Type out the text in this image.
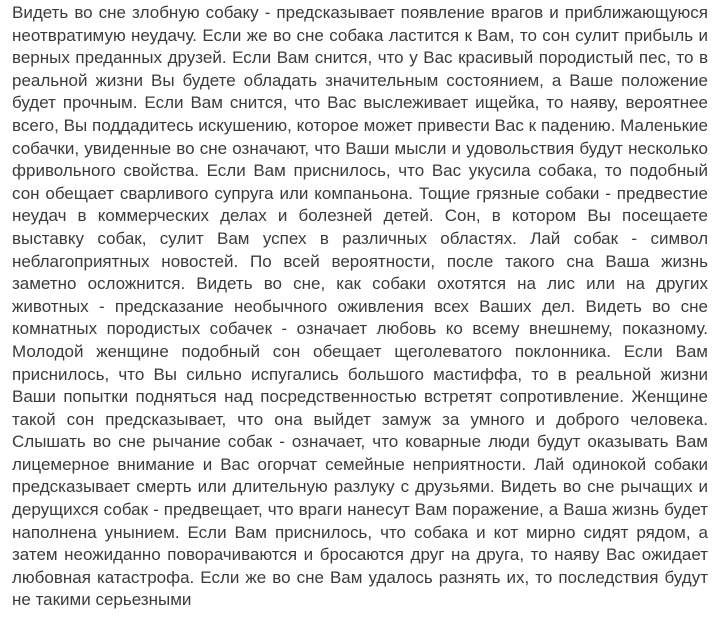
Видеть во сне злобную собаку - предсказывает появление врагов и приближающуюся неотвратимую неудачу. Если же во сне собака ластится к Вам, то сон сулит прибыль и верных преданных друзей. Если Вам снится, что у Вас красивый породистый пес, то в реальной жизни Вы будете обладать значительным состоянием, а Ваше положение будет прочным. Если Вам снится, что Вас выслеживает ищейка, то наяву, вероятнее всего, Вы поддадитесь искушению, которое может привести Вас к падению. Маленькие собачки, увиденные во сне означают, что Ваши мысли и удовольствия будут несколько фривольного свойства. Если Вам приснилось, что Вас укусила собака, то подобный сон обещает сварливого супруга или компаньона. Тощие грязные собаки - предвестие неудач в коммерческих делах и болезней детей. Сон, в котором Вы посещаете выставку собак, сулит Вам успех в различных областях. Лай собак - символ неблагоприятных новостей. По всей вероятности, после такого сна Ваша жизнь заметно осложнится. Видеть во сне, как собаки охотятся на лис или на других животных - предсказание необычного оживления всех Ваших дел. Видеть во сне комнатных породистых собачек - означает любовь ко всему внешнему, показному. Молодой женщине подобный сон обещает щеголеватого поклонника. Если Вам приснилось, что Вы сильно испугались большого мастиффа, то в реальной жизни Ваши попытки подняться над посредственностью встретят сопротивление. Женщине такой сон предсказывает, что она выйдет замуж за умного и доброго человека. Слышать во сне рычание собак - означает, что коварные люди будут оказывать Вам лицемерное внимание и Вас огорчат семейные неприятности. Лай одинокой собаки предсказывает смерть или длительную разлуку с друзьями. Видеть во сне рычащих и дерущихся собак - предвещает, что враги нанесут Вам поражение, а Ваша жизнь будет наполнена унынием. Если Вам приснилось, что собака и кот мирно сидят рядом, а затем неожиданно поворачиваются и бросаются друг на друга, то наяву Вас ожидает любовная катастрофа. Если же во сне Вам удалось разнять их, то последствия будут не такими серьезными
